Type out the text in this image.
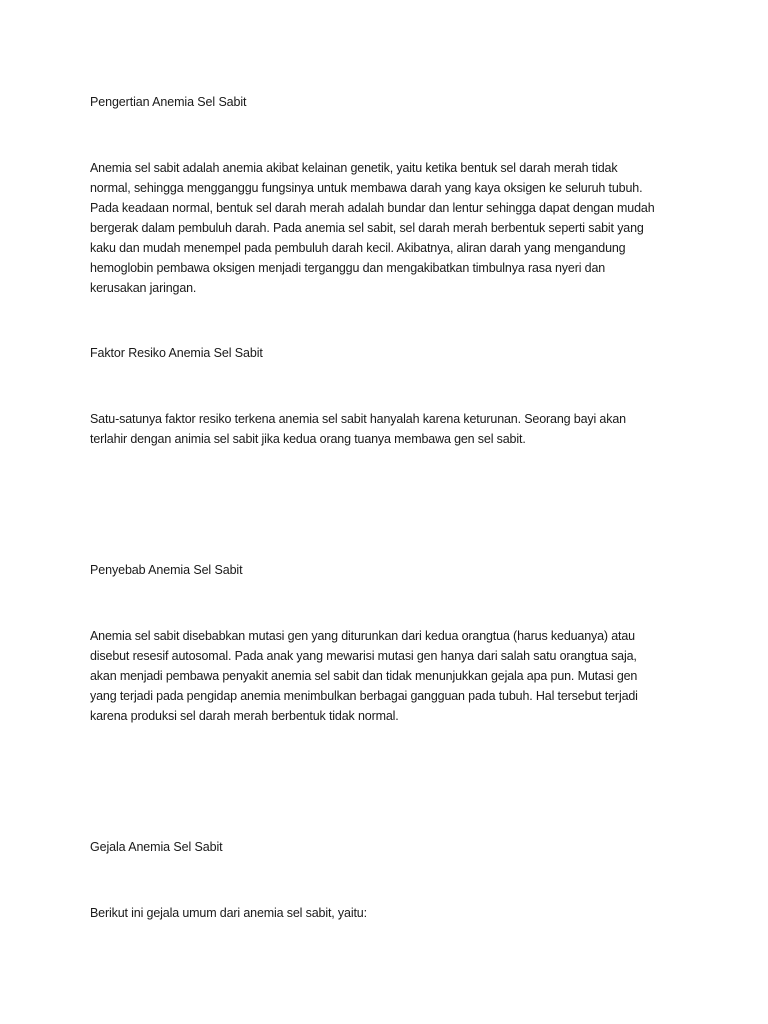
Pengertian Anemia Sel Sabit
Anemia sel sabit adalah anemia akibat kelainan genetik, yaitu ketika bentuk sel darah merah tidak
normal, sehingga mengganggu fungsinya untuk membawa darah yang kaya oksigen ke seluruh tubuh.
Pada keadaan normal, bentuk sel darah merah adalah bundar dan lentur sehingga dapat dengan mudah
bergerak dalam pembuluh darah. Pada anemia sel sabit, sel darah merah berbentuk seperti sabit yang
kaku dan mudah menempel pada pembuluh darah kecil. Akibatnya, aliran darah yang mengandung
hemoglobin pembawa oksigen menjadi terganggu dan mengakibatkan timbulnya rasa nyeri dan
kerusakan jaringan.
Faktor Resiko Anemia Sel Sabit
Satu-satunya faktor resiko terkena anemia sel sabit hanyalah karena keturunan. Seorang bayi akan
terlahir dengan animia sel sabit jika kedua orang tuanya membawa gen sel sabit.
Penyebab Anemia Sel Sabit
Anemia sel sabit disebabkan mutasi gen yang diturunkan dari kedua orangtua (harus keduanya) atau
disebut resesif autosomal. Pada anak yang mewarisi mutasi gen hanya dari salah satu orangtua saja,
akan menjadi pembawa penyakit anemia sel sabit dan tidak menunjukkan gejala apa pun. Mutasi gen
yang terjadi pada pengidap anemia menimbulkan berbagai gangguan pada tubuh. Hal tersebut terjadi
karena produksi sel darah merah berbentuk tidak normal.
Gejala Anemia Sel Sabit
Berikut ini gejala umum dari anemia sel sabit, yaitu:
